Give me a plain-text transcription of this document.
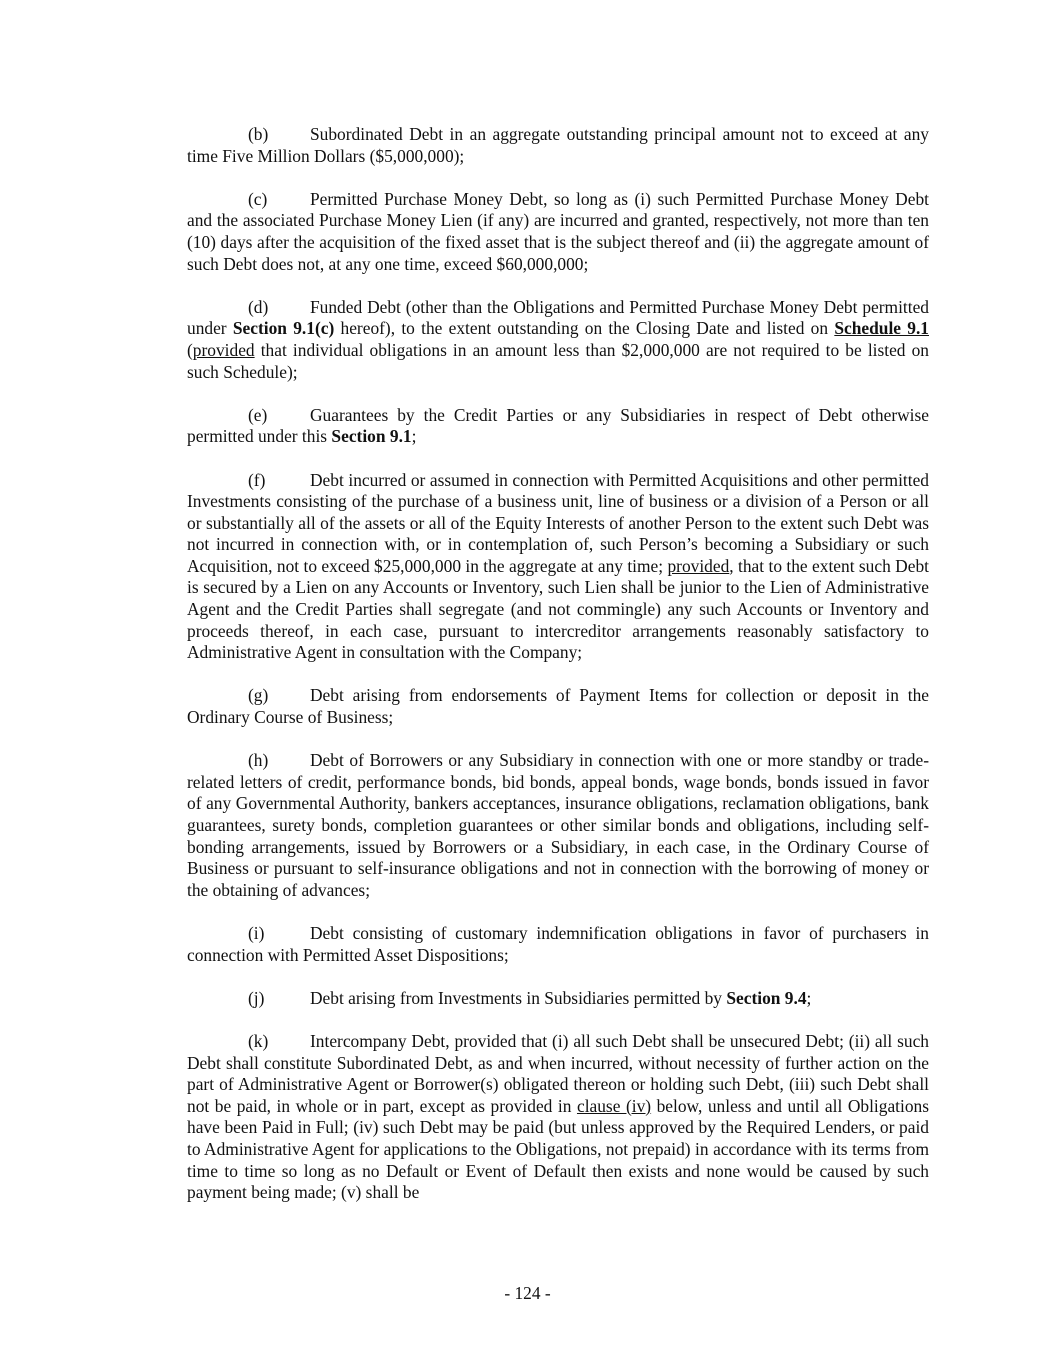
(b) Subordinated Debt in an aggregate outstanding principal amount not to exceed at any time Five Million Dollars ($5,000,000);

(c) Permitted Purchase Money Debt, so long as (i) such Permitted Purchase Money Debt and the associated Purchase Money Lien (if any) are incurred and granted, respectively, not more than ten (10) days after the acquisition of the fixed asset that is the subject thereof and (ii) the aggregate amount of such Debt does not, at any one time, exceed $60,000,000;

(d) Funded Debt (other than the Obligations and Permitted Purchase Money Debt permitted under Section 9.1(c) hereof), to the extent outstanding on the Closing Date and listed on Schedule 9.1 (provided that individual obligations in an amount less than $2,000,000 are not required to be listed on such Schedule);

(e) Guarantees by the Credit Parties or any Subsidiaries in respect of Debt otherwise permitted under this Section 9.1;

(f)	Debt incurred or assumed in connection with Permitted Acquisitions and other permitted Investments consisting of the purchase of a business unit, line of business or a division of a Person or all or substantially all of the assets or all of the Equity Interests of another Person to the extent such Debt was not incurred in connection with, or in contemplation of, such Person’s becoming a Subsidiary or such Acquisition, not to exceed $25,000,000 in the aggregate at any time; provided, that to the extent such Debt is secured by a Lien on any Accounts or Inventory, such Lien shall be junior to the Lien of Administrative Agent and the Credit Parties shall segregate (and not commingle) any such Accounts or Inventory and proceeds thereof, in each case, pursuant to intercreditor arrangements reasonably satisfactory to Administrative Agent in consultation with the Company;

(g) Debt arising from endorsements of Payment Items for collection or deposit in the Ordinary Course of Business;

(h) Debt of Borrowers or any Subsidiary in connection with one or more standby or trade-related letters of credit, performance bonds, bid bonds, appeal bonds, wage bonds, bonds issued in favor of any Governmental Authority, bankers acceptances, insurance obligations, reclamation obligations, bank guarantees, surety bonds, completion guarantees or other similar bonds and obligations, including self-bonding arrangements, issued by Borrowers or a Subsidiary, in each case, in the Ordinary Course of Business or pursuant to self-insurance obligations and not in connection with the borrowing of money or the obtaining of advances;

(i)	Debt consisting of customary indemnification obligations in favor of purchasers in connection with Permitted Asset Dispositions;

(j)	Debt arising from Investments in Subsidiaries permitted by Section 9.4;

(k) Intercompany Debt, provided that (i) all such Debt shall be unsecured Debt; (ii) all such Debt shall constitute Subordinated Debt, as and when incurred, without necessity of further action on the part of Administrative Agent or Borrower(s) obligated thereon or holding such Debt, (iii) such Debt shall not be paid, in whole or in part, except as provided in clause (iv) below, unless and until all Obligations have been Paid in Full; (iv) such Debt may be paid (but unless approved by the Required Lenders, or paid to Administrative Agent for applications to the Obligations, not prepaid) in accordance with its terms from time to time so long as no Default or Event of Default then exists and none would be caused by such payment being made; (v) shall be

- 124 -
